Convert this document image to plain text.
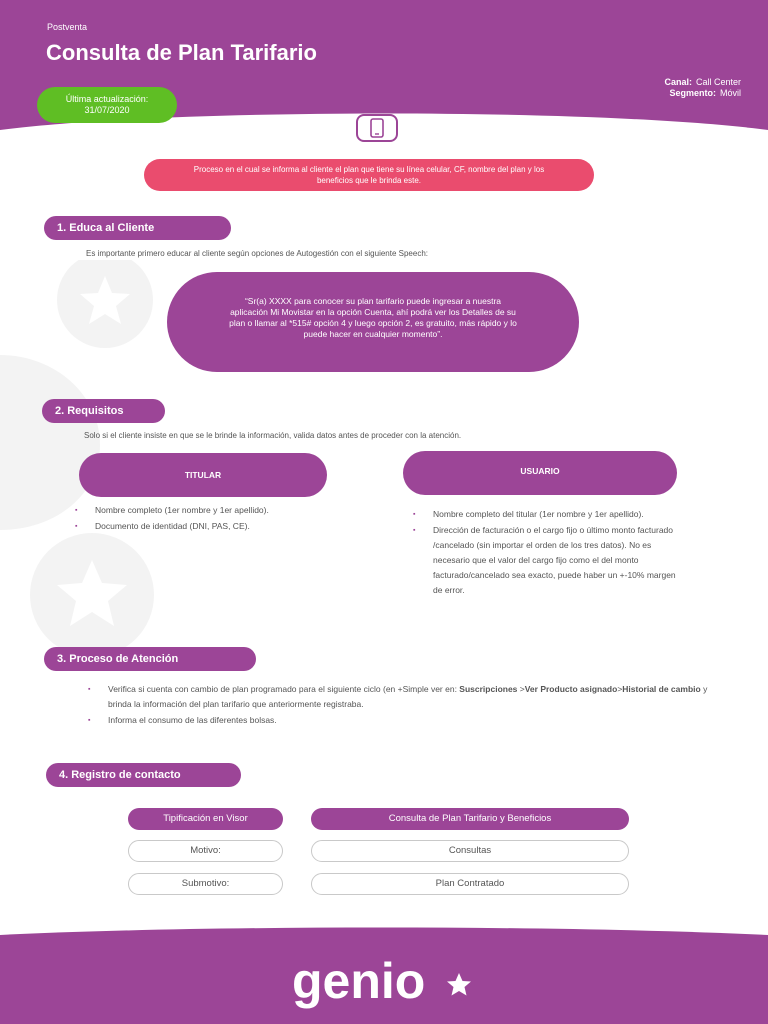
Postventa
Consulta de Plan Tarifario
Última actualización:
31/07/2020
Canal: Call Center
Segmento: Móvil
Proceso en el cual se informa al cliente el plan que tiene su línea celular, CF, nombre del plan y los beneficios que le brinda este.
1. Educa al Cliente
Es importante primero educar al cliente según opciones de Autogestión con el siguiente Speech:
“Sr(a) XXXX para conocer su plan tarifario puede ingresar a nuestra aplicación Mi Movistar en la opción Cuenta, ahí podrá ver los Detalles de su plan o llamar al *515# opción 4 y luego opción 2, es gratuito, más rápido y lo puede hacer en cualquier momento”.
2. Requisitos
Solo si el cliente insiste en que se le brinde la información, valida datos antes de proceder con la atención.
TITULAR	USUARIO
▪ Nombre completo (1er nombre y 1er apellido).
▪ Documento de identidad (DNI, PAS, CE).
▪ Nombre completo del titular (1er nombre y 1er apellido).
▪ Dirección de facturación o el cargo fijo o último monto facturado /cancelado (sin importar el orden de los tres datos). No es necesario que el valor del cargo fijo como el del monto facturado/cancelado sea exacto, puede haber un +-10% margen de error.
3. Proceso de Atención
▪ Verifica si cuenta con cambio de plan programado para el siguiente ciclo (en +Simple ver en: Suscripciones >Ver Producto asignado>Historial de cambio y brinda la información del plan tarifario que anteriormente registraba.
▪ Informa el consumo de las diferentes bolsas.
4. Registro de contacto
Tipificación en Visor	Consulta de Plan Tarifario y Beneficios
Motivo:	Consultas
Submotivo:	Plan Contratado
genio
